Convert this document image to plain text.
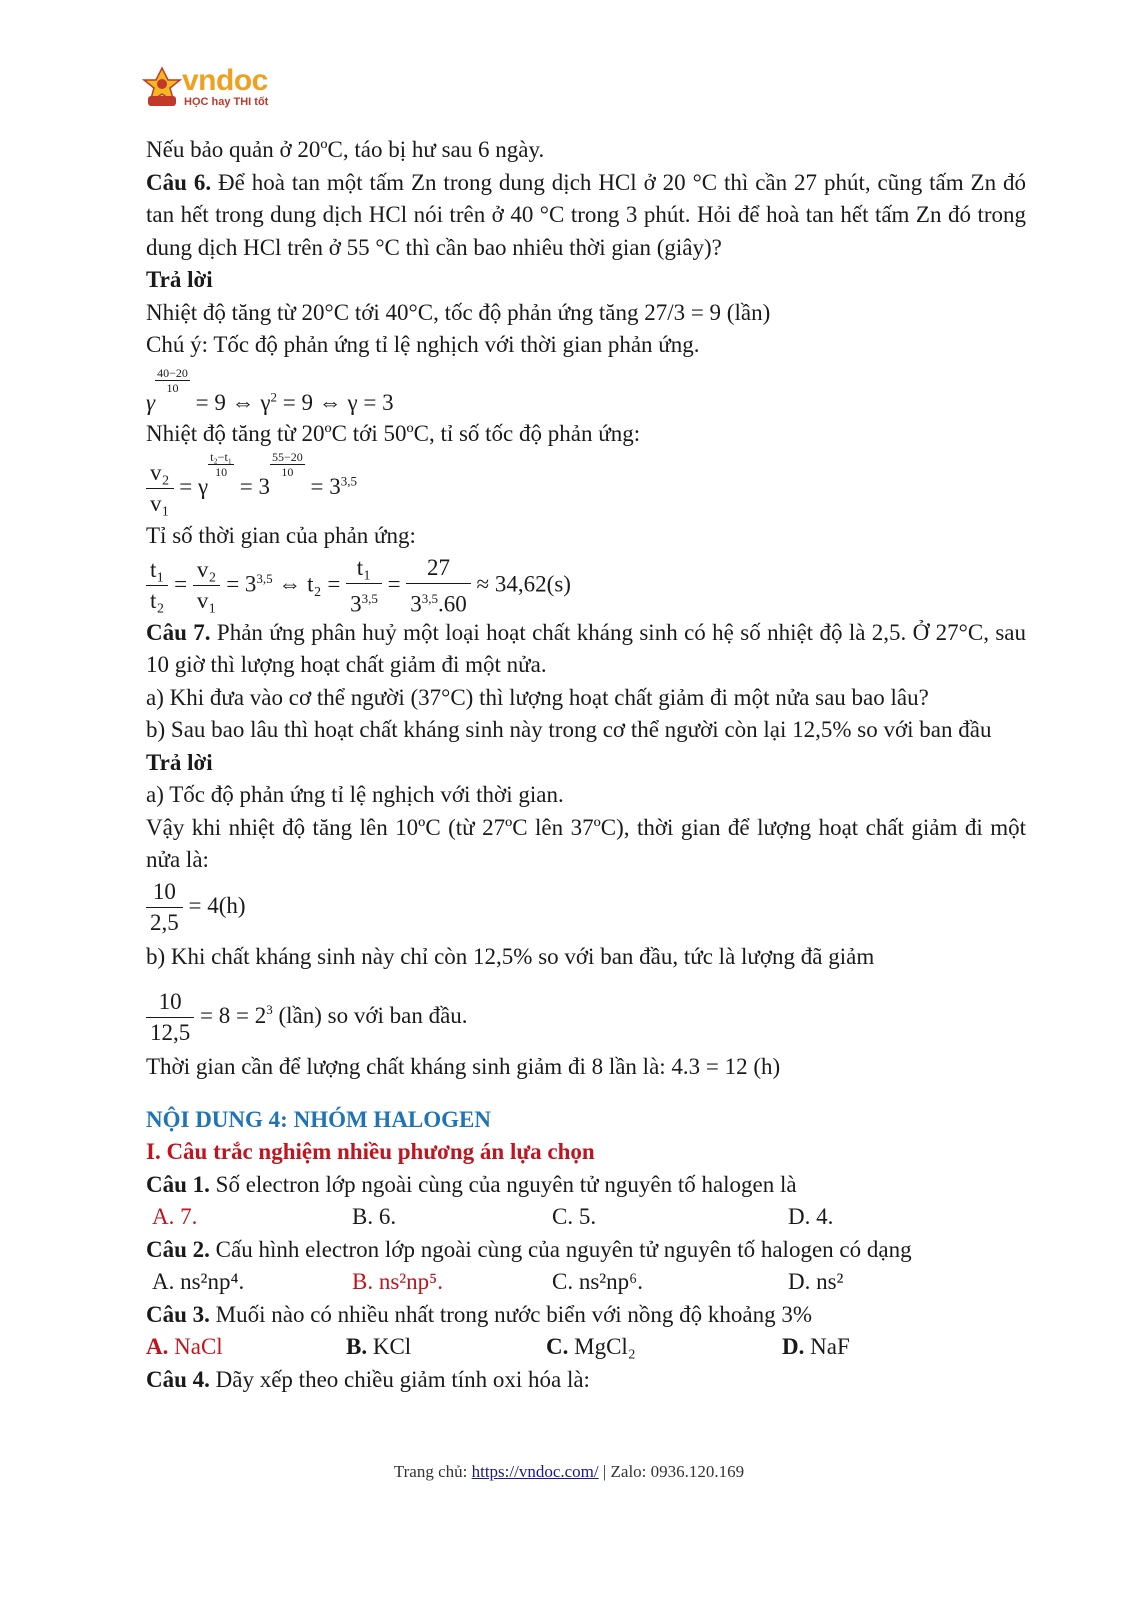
vndoc
HỌC hay THI tốt
Nếu bảo quản ở 20ºC, táo bị hư sau 6 ngày.
Câu 6. Để hoà tan một tấm Zn trong dung dịch HCl ở 20 °C thì cần 27 phút, cũng tấm Zn đó tan hết trong dung dịch HCl nói trên ở 40 °C trong 3 phút. Hỏi để hoà tan hết tấm Zn đó trong dung dịch HCl trên ở 55 °C thì cần bao nhiêu thời gian (giây)?
Trả lời
Nhiệt độ tăng từ 20°C tới 40°C, tốc độ phản ứng tăng 27/3 = 9 (lần)
Chú ý: Tốc độ phản ứng tỉ lệ nghịch với thời gian phản ứng.
γ
$\frac{40-20}{10}$
= 9 ⇔ $\gamma^2 = 9$ ⇔ γ = 3
Nhiệt độ tăng từ 20ºC tới 50ºC, tỉ số tốc độ phản ứng:
$\frac{\text{v₂}}{\text{v₁}} = \gamma$
$\frac{\text{t₂−t₁}}{10}$
= 3
$\frac{55-20}{10}$
= $3^{3,5}$
Tỉ số thời gian của phản ứng:
$\frac{\text{t₁}}{\text{t₂}} = \frac{\text{v₂}}{\text{v₁}} = 3^{3,5}$ ⇔ $t_2 = \frac{\text{t₁}}{3^{3,5}} = \frac{27}{3^{3,5}.60} \approx 34,62(s)$
Câu 7. Phản ứng phân huỷ một loại hoạt chất kháng sinh có hệ số nhiệt độ là 2,5. Ở 27°C, sau 10 giờ thì lượng hoạt chất giảm đi một nửa.
a) Khi đưa vào cơ thể người (37°C) thì lượng hoạt chất giảm đi một nửa sau bao lâu?
b) Sau bao lâu thì hoạt chất kháng sinh này trong cơ thể người còn lại 12,5% so với ban đầu
Trả lời
a) Tốc độ phản ứng tỉ lệ nghịch với thời gian.
Vậy khi nhiệt độ tăng lên 10ºC (từ 27ºC lên 37ºC), thời gian để lượng hoạt chất giảm đi một nửa là:
$\frac{10}{2,5} = 4(h)$
b) Khi chất kháng sinh này chỉ còn 12,5% so với ban đầu, tức là lượng đã giảm
$\frac{10}{12,5} = 8 = 2^3$ (lần) so với ban đầu.
Thời gian cần để lượng chất kháng sinh giảm đi 8 lần là: 4.3 = 12 (h)
NỘI DUNG 4: NHÓM HALOGEN
I. Câu trắc nghiệm nhiều phương án lựa chọn
Câu 1. Số electron lớp ngoài cùng của nguyên tử nguyên tố halogen là
A. 7.	B. 6.	C. 5.	D. 4.
Câu 2. Cấu hình electron lớp ngoài cùng của nguyên tử nguyên tố halogen có dạng
A. ns²np⁴.	B. ns²np⁵.	C. ns²np⁶.	D. ns²
Câu 3. Muối nào có nhiều nhất trong nước biển với nồng độ khoảng 3%
A. NaCl	B. KCl	C. MgCl₂	D. NaF
Câu 4. Dãy xếp theo chiều giảm tính oxi hóa là:
Trang chủ: https://vndoc.com/ | Zalo: 0936.120.169
